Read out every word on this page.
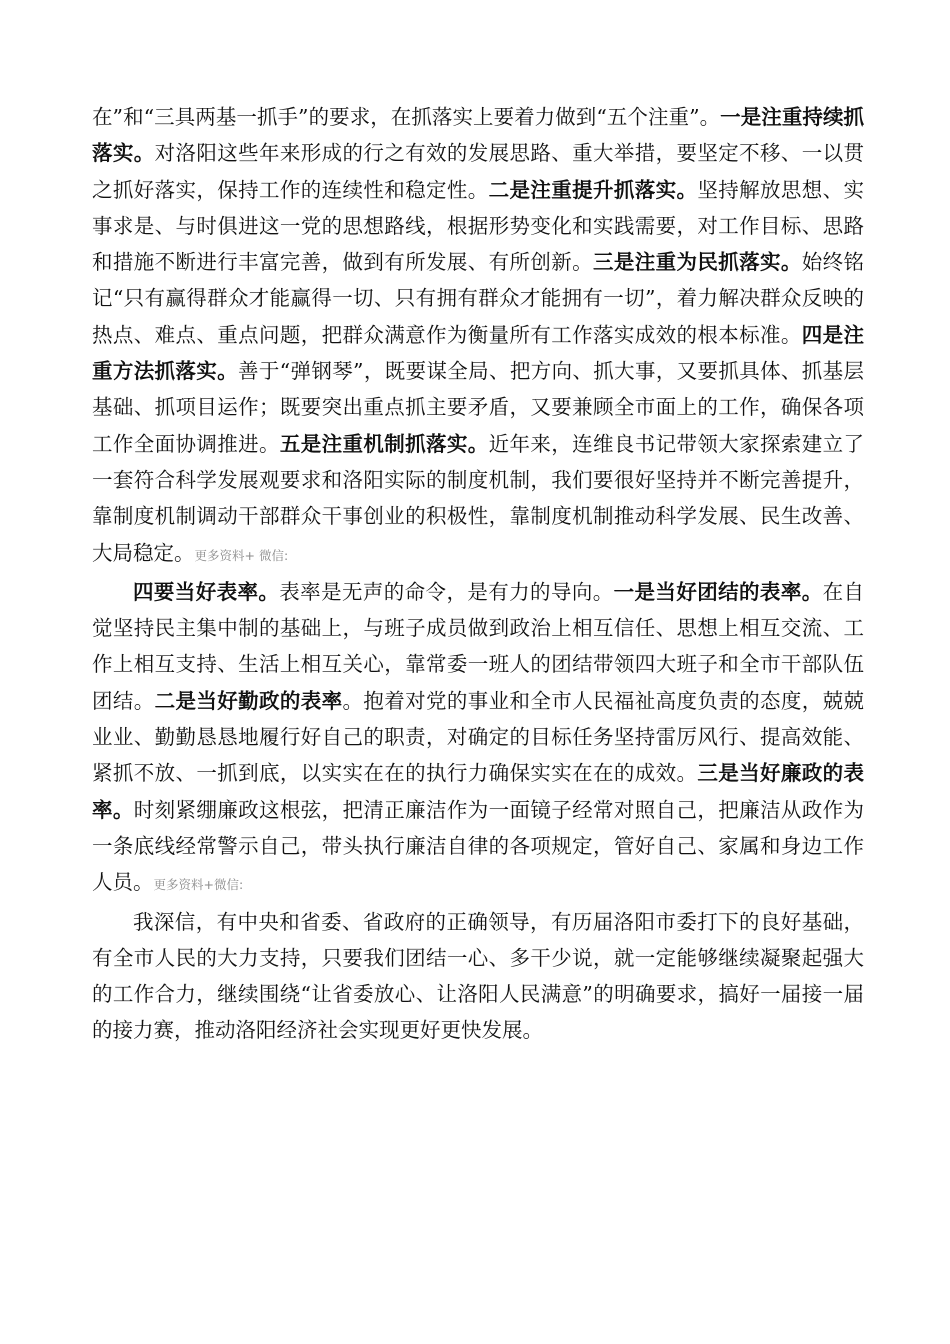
在”和“三具两基一抓手”的要求，在抓落实上要着力做到“五个注重”。一是注重持续抓落实。对洛阳这些年来形成的行之有效的发展思路、重大举措，要坚定不移、一以贯之抓好落实，保持工作的连续性和稳定性。二是注重提升抓落实。坚持解放思想、实事求是、与时俱进这一党的思想路线，根据形势变化和实践需要，对工作目标、思路和措施不断进行丰富完善，做到有所发展、有所创新。三是注重为民抓落实。始终铭记“只有赢得群众才能赢得一切、只有拥有群众才能拥有一切”，着力解决群众反映的热点、难点、重点问题，把群众满意作为衡量所有工作落实成效的根本标准。四是注重方法抓落实。善于“弹钢琴”，既要谋全局、把方向、抓大事，又要抓具体、抓基层基础、抓项目运作；既要突出重点抓主要矛盾，又要兼顾全市面上的工作，确保各项工作全面协调推进。五是注重机制抓落实。近年来，连维良书记带领大家探索建立了一套符合科学发展观要求和洛阳实际的制度机制，我们要很好坚持并不断完善提升，靠制度机制调动干部群众干事创业的积极性，靠制度机制推动科学发展、民生改善、大局稳定。更多资料+ 微信:

四要当好表率。表率是无声的命令，是有力的导向。一是当好团结的表率。在自觉坚持民主集中制的基础上，与班子成员做到政治上相互信任、思想上相互交流、工作上相互支持、生活上相互关心，靠常委一班人的团结带领四大班子和全市干部队伍团结。二是当好勤政的表率。抱着对党的事业和全市人民福祉高度负责的态度，兢兢业业、勤勤恳恳地履行好自己的职责，对确定的目标任务坚持雷厉风行、提高效能、紧抓不放、一抓到底，以实实在在的执行力确保实实在在的成效。三是当好廉政的表率。时刻紧绷廉政这根弦，把清正廉洁作为一面镜子经常对照自己，把廉洁从政作为一条底线经常警示自己，带头执行廉洁自律的各项规定，管好自己、家属和身边工作人员。更多资料+微信:

我深信，有中央和省委、省政府的正确领导，有历届洛阳市委打下的良好基础，有全市人民的大力支持，只要我们团结一心、多干少说，就一定能够继续凝聚起强大的工作合力，继续围绕“让省委放心、让洛阳人民满意”的明确要求，搞好一届接一届的接力赛，推动洛阳经济社会实现更好更快发展。
